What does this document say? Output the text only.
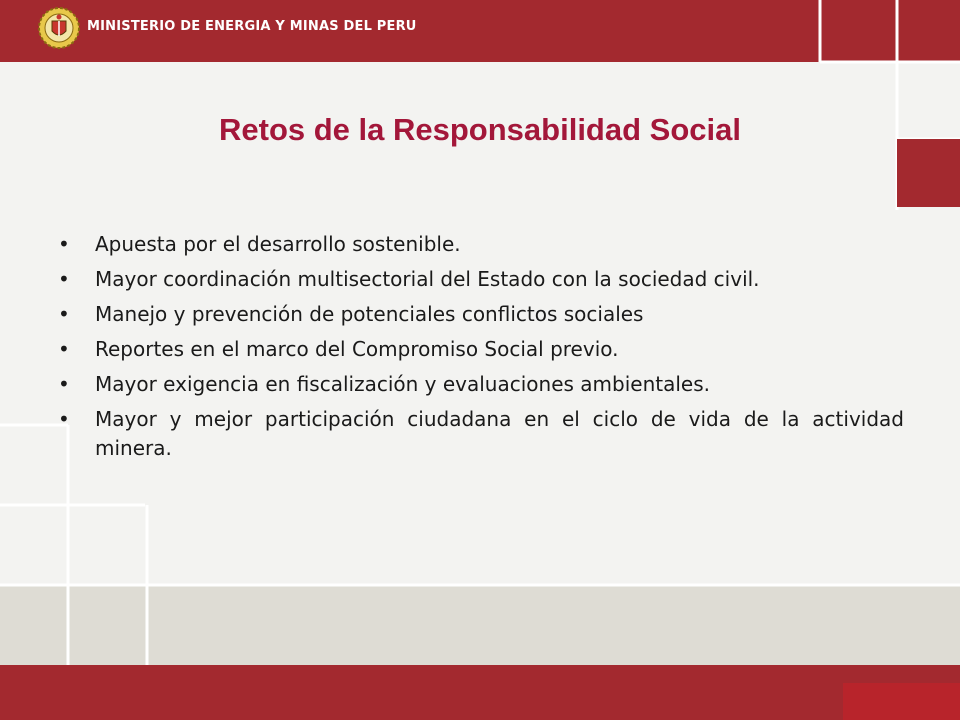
MINISTERIO DE ENERGIA Y MINAS DEL PERU
Retos de la Responsabilidad Social
• Apuesta por el desarrollo sostenible.
• Mayor coordinación multisectorial del Estado con la sociedad civil.
• Manejo y prevención de potenciales conflictos sociales
• Reportes en el marco del Compromiso Social previo.
• Mayor exigencia en fiscalización y evaluaciones ambientales.
• Mayor y mejor participación ciudadana en el ciclo de vida de la actividad minera.
